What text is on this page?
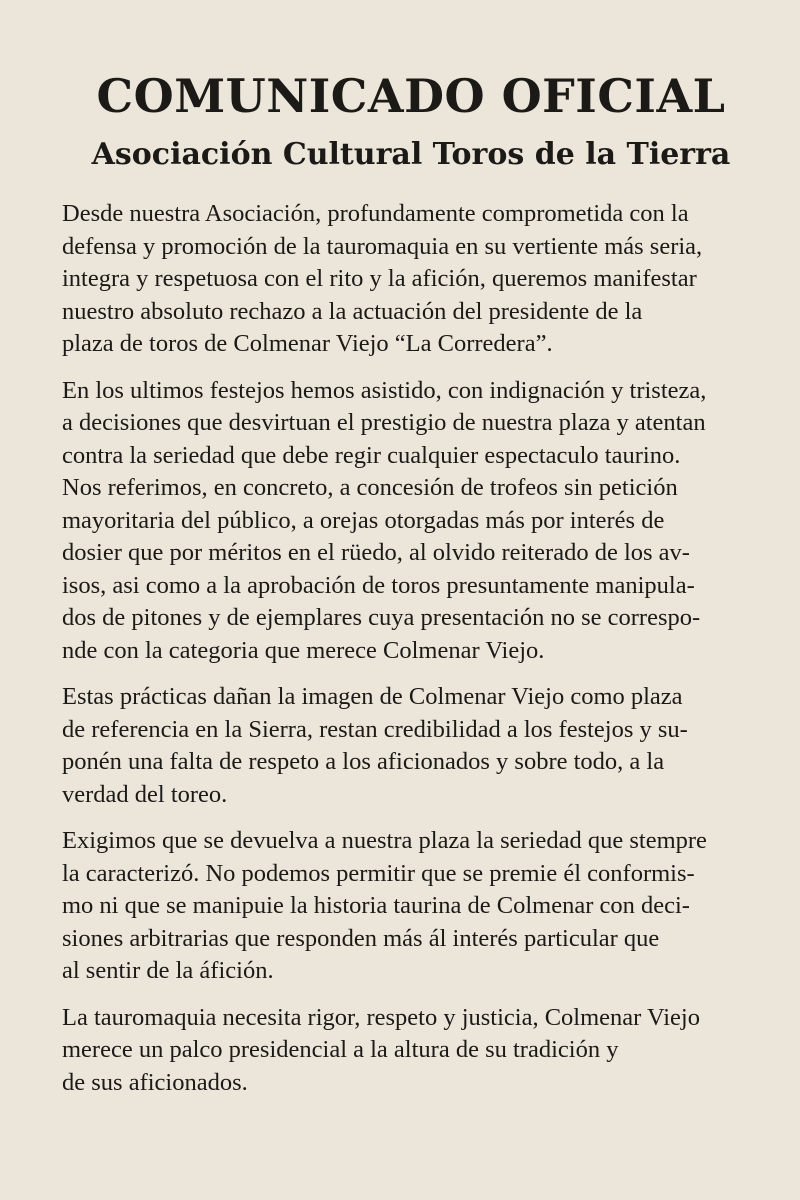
COMUNICADO OFICIAL
Asociación Cultural Toros de la Tierra

Desde nuestra Asociación, profundamente comprometida con la
defensa y promoción de la tauromaquia en su vertiente más seria,
integra y respetuosa con el rito y la afición, queremos manifestar
nuestro absoluto rechazo a la actuación del presidente de la
plaza de toros de Colmenar Viejo “La Corredera”.

En los ultimos festejos hemos asistido, con indignación y tristeza,
a decisiones que desvirtuan el prestigio de nuestra plaza y atentan
contra la seriedad que debe regir cualquier espectaculo taurino.
Nos referimos, en concreto, a concesión de trofeos sin petición
mayoritaria del público, a orejas otorgadas más por interés de
dosier que por méritos en el rüedo, al olvido reiterado de los av-
isos, asi como a la aprobación de toros presuntamente manipula-
dos de pitones y de ejemplares cuya presentación no se correspo-
nde con la categoria que merece Colmenar Viejo.

Estas prácticas dañan la imagen de Colmenar Viejo como plaza
de referencia en la Sierra, restan credibilidad a los festejos y su-
ponén una falta de respeto a los aficionados y sobre todo, a la
verdad del toreo.

Exigimos que se devuelva a nuestra plaza la seriedad que stempre
la caracterizó. No podemos permitir que se premie él conformis-
mo ni que se manipuie la historia taurina de Colmenar con deci-
siones arbitrarias que responden más ál interés particular que
al sentir de la áfición.

La tauromaquia necesita rigor, respeto y justicia, Colmenar Viejo
merece un palco presidencial a la altura de su tradición y
de sus aficionados.
